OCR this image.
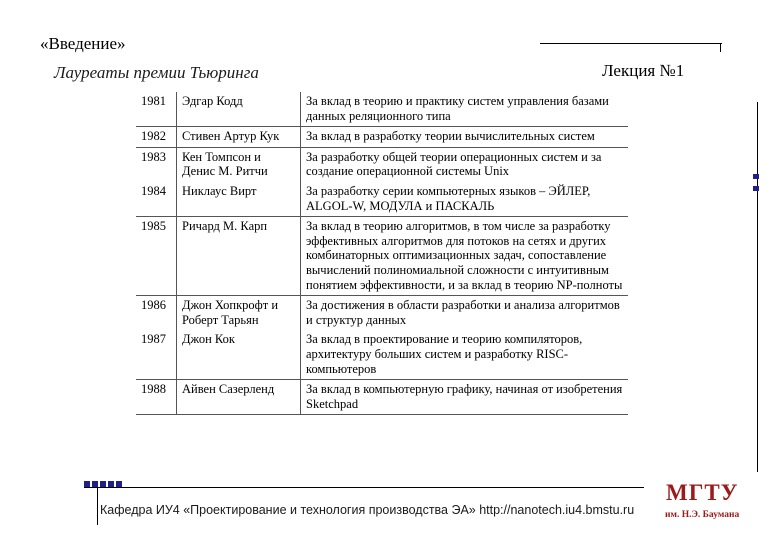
«Введение»
Лауреаты премии Тьюринга	Лекция №1
1981	Эдгар Кодд	За вклад в теорию и практику систем управления базами данных реляционного типа
1982	Стивен Артур Кук	За вклад в разработку теории вычислительных систем
1983	Кен Томпсон и Денис М. Ритчи	За разработку общей теории операционных систем и за создание операционной системы Unix
1984	Никлаус Вирт	За разработку серии компьютерных языков – ЭЙЛЕР, ALGOL-W, МОДУЛА и ПАСКАЛЬ
1985	Ричард М. Карп	За вклад в теорию алгоритмов, в том числе за разработку эффективных алгоритмов для потоков на сетях и других комбинаторных оптимизационных задач, сопоставление вычислений полиномиальной сложности с интуитивным понятием эффективности, и за вклад в теорию NP-полноты
1986	Джон Хопкрофт и Роберт Тарьян	За достижения в области разработки и анализа алгоритмов и структур данных
1987	Джон Кок	За вклад в проектирование и теорию компиляторов, архитектуру больших систем и разработку RISC-компьютеров
1988	Айвен Сазерленд	За вклад в компьютерную графику, начиная от изобретения Sketchpad
Кафедра ИУ4 «Проектирование и технология производства ЭА» http://nanotech.iu4.bmstu.ru
МГТУ
им. Н.Э. Баумана
